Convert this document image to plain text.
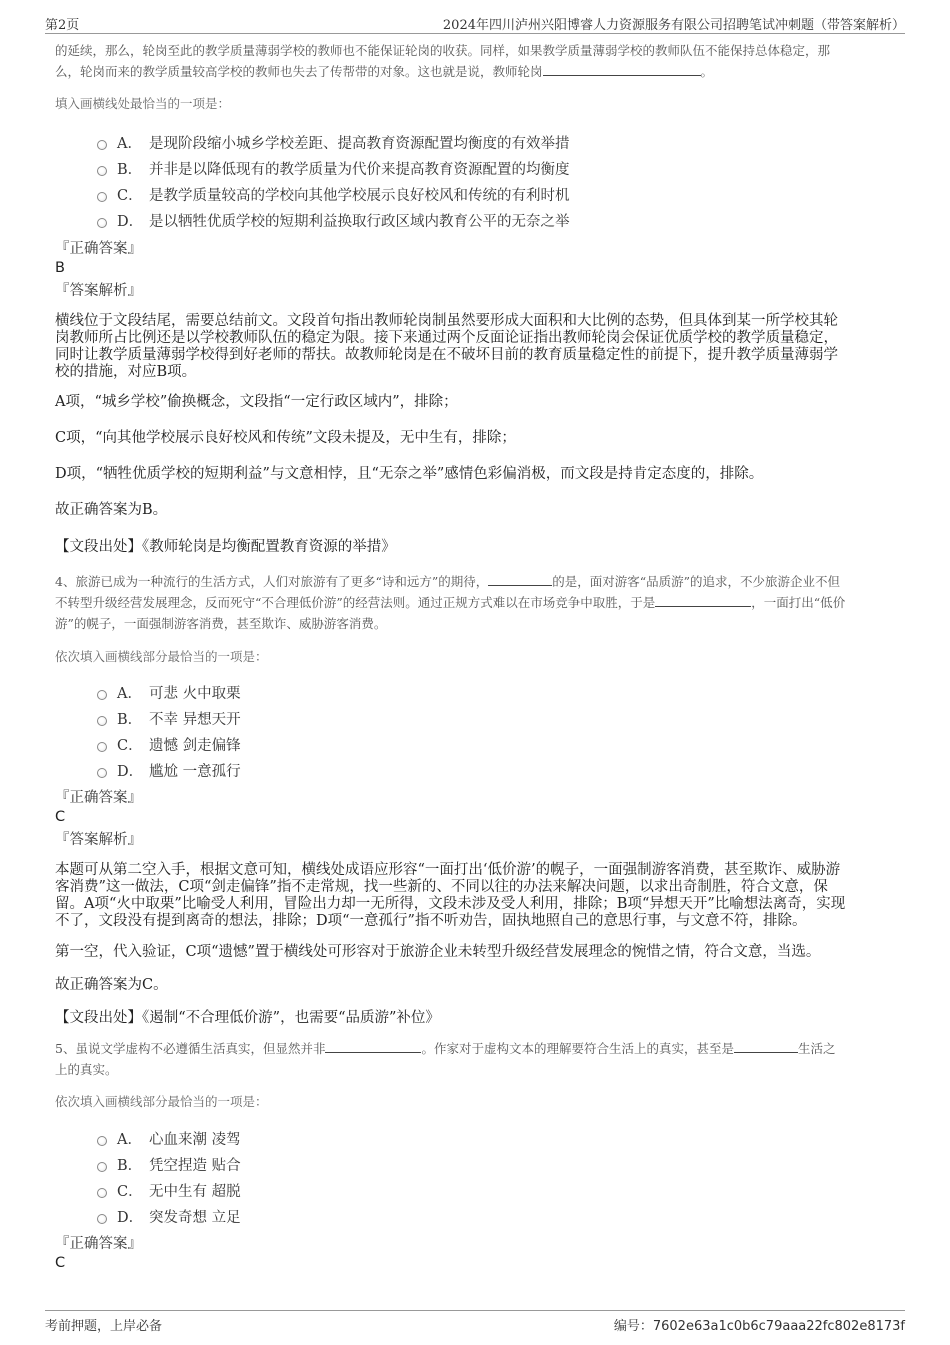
第2页	2024年四川泸州兴阳博睿人力资源服务有限公司招聘笔试冲刺题（带答案解析）
的延续，那么，轮岗至此的教学质量薄弱学校的教师也不能保证轮岗的收获。同样，如果教学质量薄弱学校的教师队伍不能保持总体稳定，那
么，轮岗而来的教学质量较高学校的教师也失去了传帮带的对象。这也就是说，教师轮岗	。
填入画横线处最恰当的一项是：
A． 是现阶段缩小城乡学校差距、提高教育资源配置均衡度的有效举措
B． 并非是以降低现有的教学质量为代价来提高教育资源配置的均衡度
C． 是教学质量较高的学校向其他学校展示良好校风和传统的有利时机
D． 是以牺牲优质学校的短期利益换取行政区域内教育公平的无奈之举
『正确答案』
B
『答案解析』
横线位于文段结尾，需要总结前文。文段首句指出教师轮岗制虽然要形成大面积和大比例的态势，但具体到某一所学校其轮
岗教师所占比例还是以学校教师队伍的稳定为限。接下来通过两个反面论证指出教师轮岗会保证优质学校的教学质量稳定，
同时让教学质量薄弱学校得到好老师的帮扶。故教师轮岗是在不破坏目前的教育质量稳定性的前提下，提升教学质量薄弱学
校的措施，对应B项。
A项，“城乡学校”偷换概念，文段指“一定行政区域内”，排除；
C项，“向其他学校展示良好校风和传统”文段未提及，无中生有，排除；
D项，“牺牲优质学校的短期利益”与文意相悖，且“无奈之举”感情色彩偏消极，而文段是持肯定态度的，排除。
故正确答案为B。
【文段出处】《教师轮岗是均衡配置教育资源的举措》
4、旅游已成为一种流行的生活方式，人们对旅游有了更多“诗和远方”的期待，	的是，面对游客“品质游”的追求，不少旅游企业不但
不转型升级经营发展理念，反而死守“不合理低价游”的经营法则。通过正规方式难以在市场竞争中取胜，于是	，一面打出“低价
游”的幌子，一面强制游客消费，甚至欺诈、威胁游客消费。
依次填入画横线部分最恰当的一项是：
A． 可悲 火中取栗
B． 不幸 异想天开
C． 遗憾 剑走偏锋
D． 尴尬 一意孤行
『正确答案』
C
『答案解析』
本题可从第二空入手，根据文意可知，横线处成语应形容“一面打出‘低价游’的幌子，一面强制游客消费，甚至欺诈、威胁游
客消费”这一做法，C项“剑走偏锋”指不走常规，找一些新的、不同以往的办法来解决问题，以求出奇制胜，符合文意，保
留。A项“火中取栗”比喻受人利用，冒险出力却一无所得，文段未涉及受人利用，排除；B项“异想天开”比喻想法离奇，实现
不了，文段没有提到离奇的想法，排除；D项“一意孤行”指不听劝告，固执地照自己的意思行事，与文意不符，排除。
第一空，代入验证，C项“遗憾”置于横线处可形容对于旅游企业未转型升级经营发展理念的惋惜之情，符合文意，当选。
故正确答案为C。
【文段出处】《遏制“不合理低价游”，也需要“品质游”补位》
5、虽说文学虚构不必遵循生活真实，但显然并非	。作家对于虚构文本的理解要符合生活上的真实，甚至是	生活之
上的真实。
依次填入画横线部分最恰当的一项是：
A． 心血来潮 凌驾
B． 凭空捏造 贴合
C． 无中生有 超脱
D． 突发奇想 立足
『正确答案』
C
考前押题，上岸必备	编号：7602e63a1c0b6c79aaa22fc802e8173f
